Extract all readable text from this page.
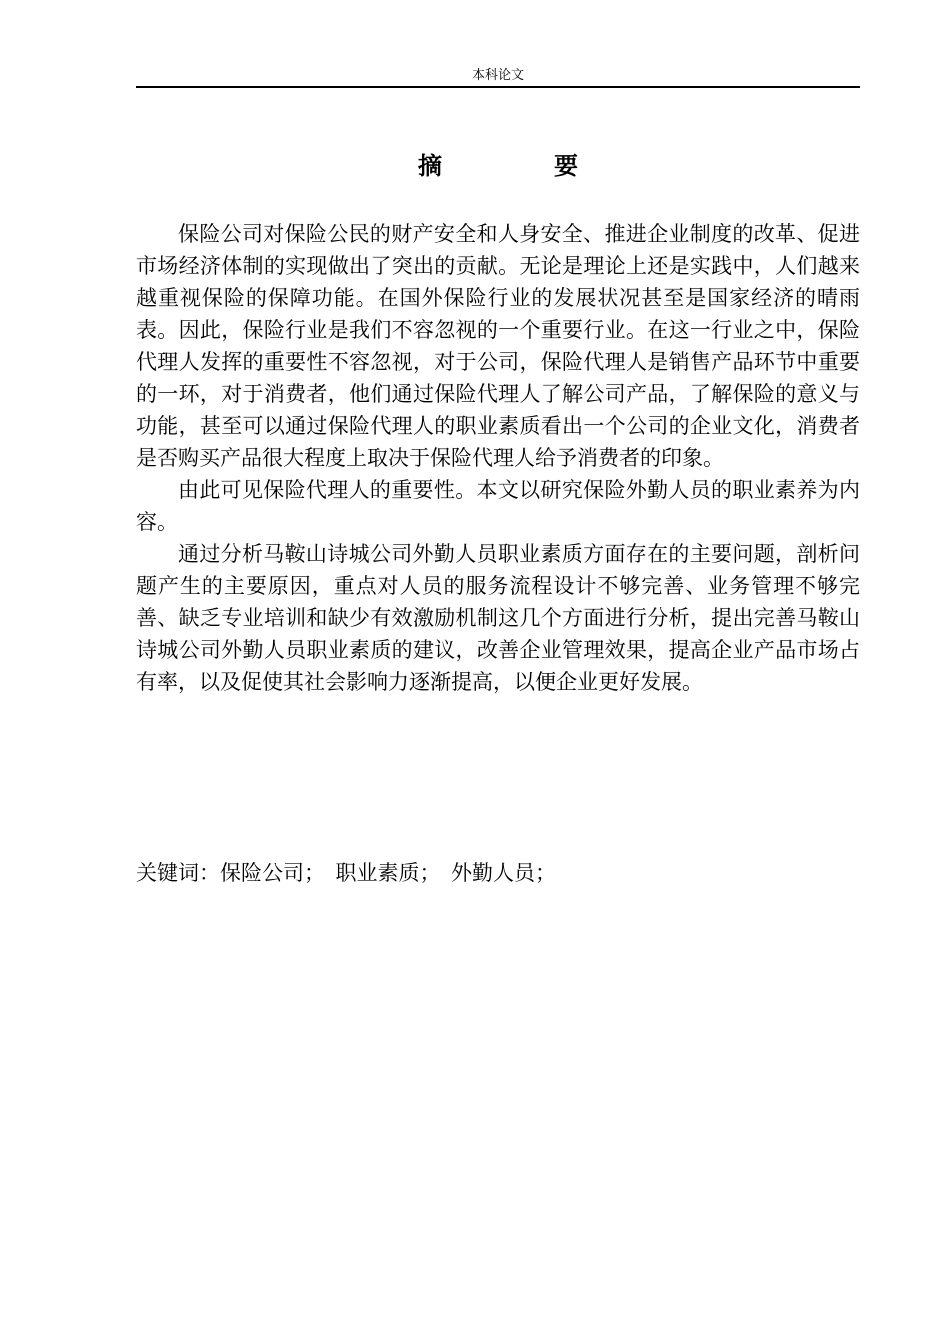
本科论文
摘　要

保险公司对保险公民的财产安全和人身安全、推进企业制度的改革、促进市场经济体制的实现做出了突出的贡献。无论是理论上还是实践中，人们越来越重视保险的保障功能。在国外保险行业的发展状况甚至是国家经济的晴雨表。因此，保险行业是我们不容忽视的一个重要行业。在这一行业之中，保险代理人发挥的重要性不容忽视，对于公司，保险代理人是销售产品环节中重要的一环，对于消费者，他们通过保险代理人了解公司产品，了解保险的意义与功能，甚至可以通过保险代理人的职业素质看出一个公司的企业文化，消费者是否购买产品很大程度上取决于保险代理人给予消费者的印象。

由此可见保险代理人的重要性。本文以研究保险外勤人员的职业素养为内容。

通过分析马鞍山诗城公司外勤人员职业素质方面存在的主要问题，剖析问题产生的主要原因，重点对人员的服务流程设计不够完善、业务管理不够完善、缺乏专业培训和缺少有效激励机制这几个方面进行分析，提出完善马鞍山诗城公司外勤人员职业素质的建议，改善企业管理效果，提高企业产品市场占有率，以及促使其社会影响力逐渐提高，以便企业更好发展。

关键词：保险公司；　职业素质；　外勤人员；
